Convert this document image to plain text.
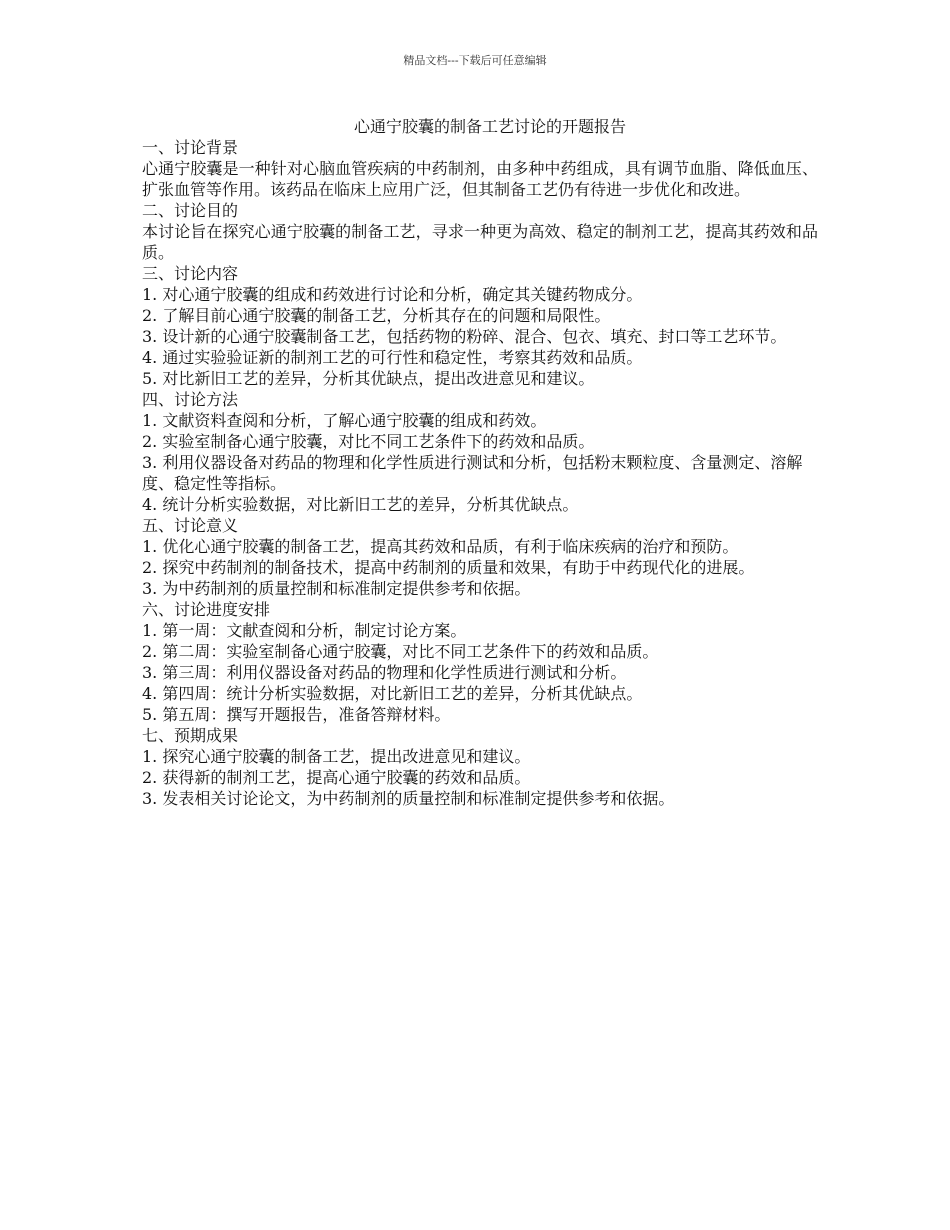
精品文档---下载后可任意编辑
心通宁胶囊的制备工艺讨论的开题报告
一、讨论背景
心通宁胶囊是一种针对心脑血管疾病的中药制剂，由多种中药组成，具有调节血脂、降低血压、扩张血管等作用。该药品在临床上应用广泛，但其制备工艺仍有待进一步优化和改进。
二、讨论目的
本讨论旨在探究心通宁胶囊的制备工艺，寻求一种更为高效、稳定的制剂工艺，提高其药效和品质。
三、讨论内容
1. 对心通宁胶囊的组成和药效进行讨论和分析，确定其关键药物成分。
2. 了解目前心通宁胶囊的制备工艺，分析其存在的问题和局限性。
3. 设计新的心通宁胶囊制备工艺，包括药物的粉碎、混合、包衣、填充、封口等工艺环节。
4. 通过实验验证新的制剂工艺的可行性和稳定性，考察其药效和品质。
5. 对比新旧工艺的差异，分析其优缺点，提出改进意见和建议。
四、讨论方法
1. 文献资料查阅和分析，了解心通宁胶囊的组成和药效。
2. 实验室制备心通宁胶囊，对比不同工艺条件下的药效和品质。
3. 利用仪器设备对药品的物理和化学性质进行测试和分析，包括粉末颗粒度、含量测定、溶解度、稳定性等指标。
4. 统计分析实验数据，对比新旧工艺的差异，分析其优缺点。
五、讨论意义
1. 优化心通宁胶囊的制备工艺，提高其药效和品质，有利于临床疾病的治疗和预防。
2. 探究中药制剂的制备技术，提高中药制剂的质量和效果，有助于中药现代化的进展。
3. 为中药制剂的质量控制和标准制定提供参考和依据。
六、讨论进度安排
1. 第一周：文献查阅和分析，制定讨论方案。
2. 第二周：实验室制备心通宁胶囊，对比不同工艺条件下的药效和品质。
3. 第三周：利用仪器设备对药品的物理和化学性质进行测试和分析。
4. 第四周：统计分析实验数据，对比新旧工艺的差异，分析其优缺点。
5. 第五周：撰写开题报告，准备答辩材料。
七、预期成果
1. 探究心通宁胶囊的制备工艺，提出改进意见和建议。
2. 获得新的制剂工艺，提高心通宁胶囊的药效和品质。
3. 发表相关讨论论文，为中药制剂的质量控制和标准制定提供参考和依据。
